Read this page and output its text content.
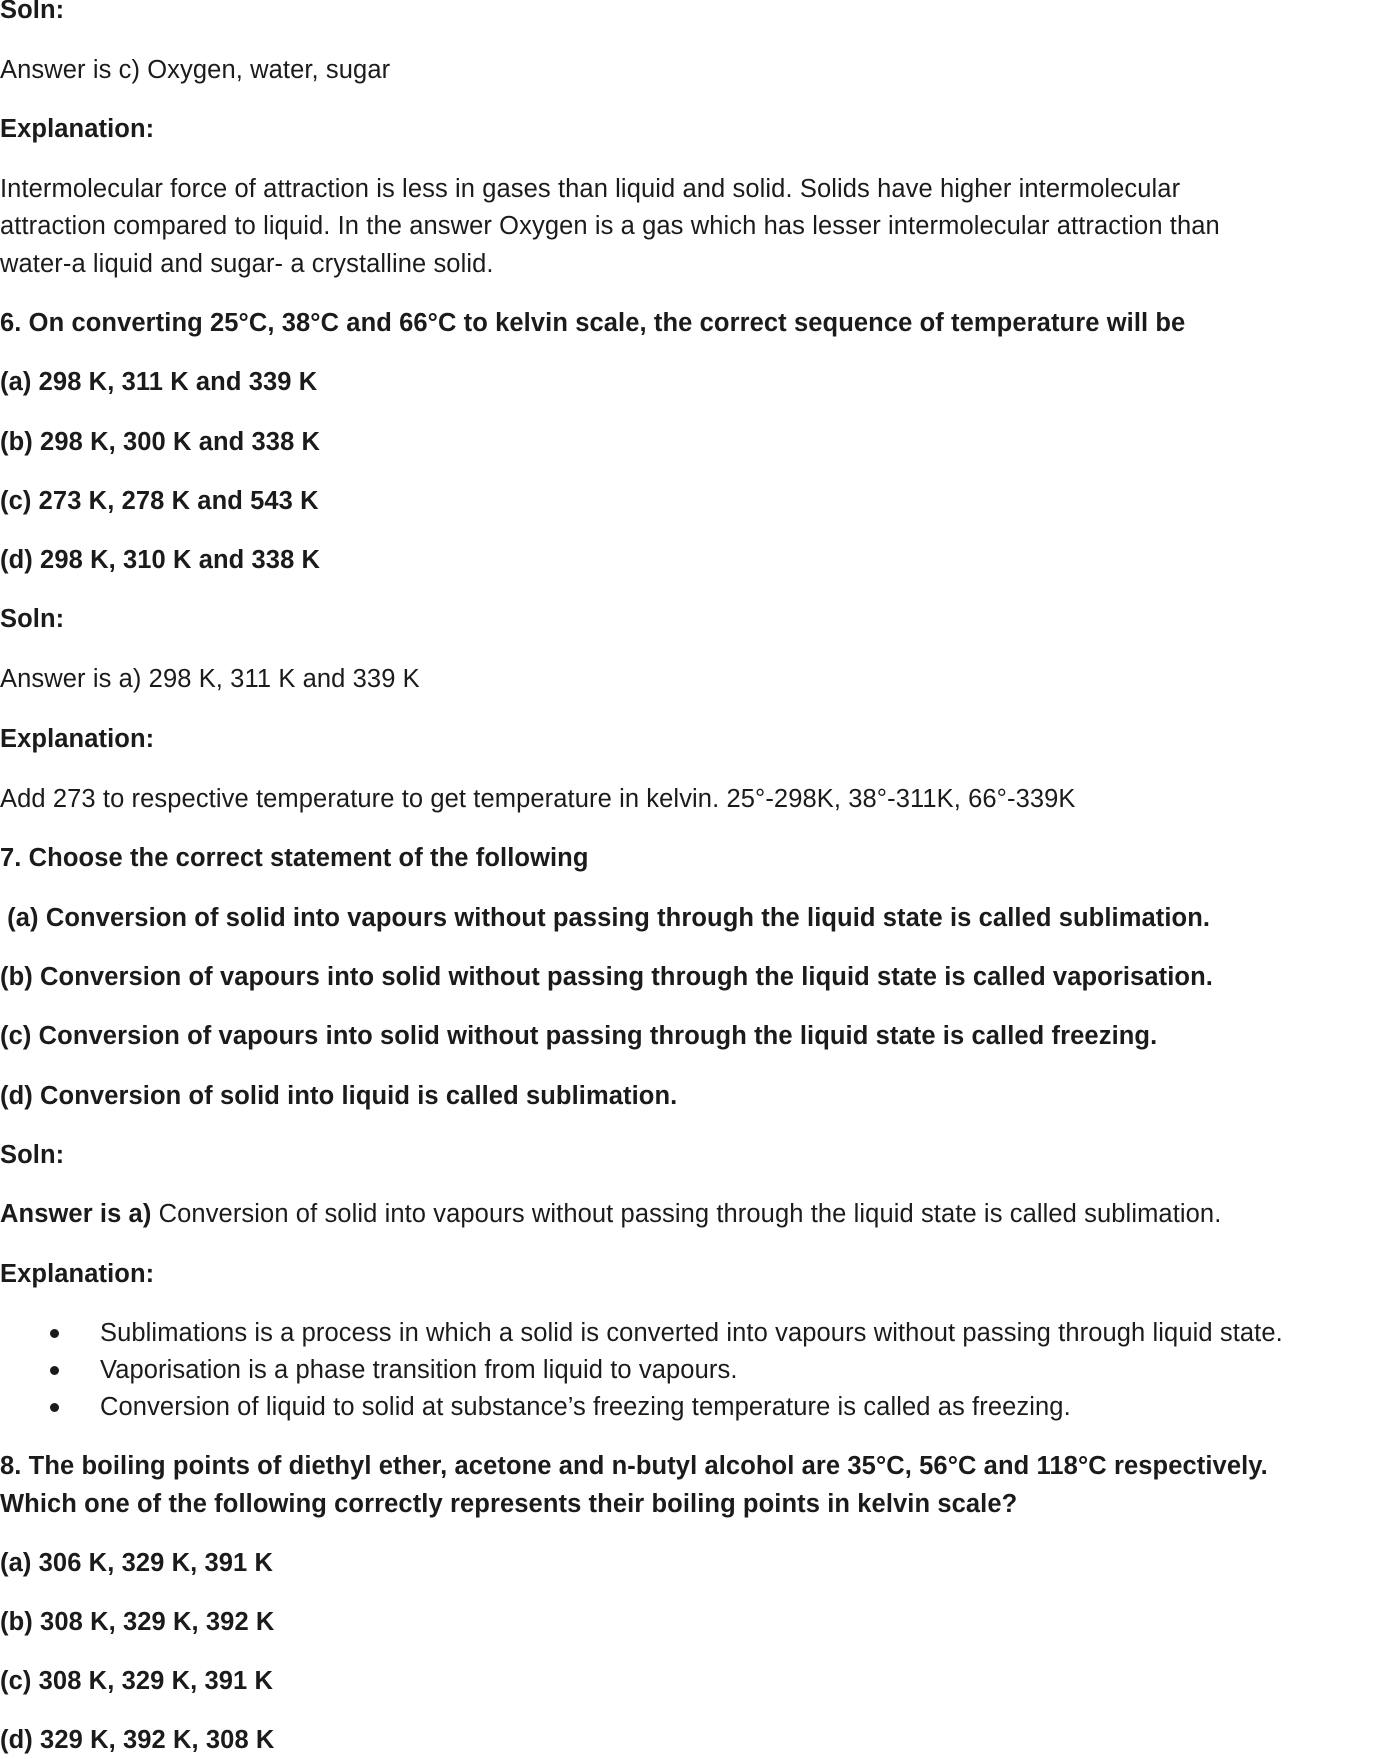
Soln:
Answer is c) Oxygen, water, sugar
Explanation:
Intermolecular force of attraction is less in gases than liquid and solid. Solids have higher intermolecular
attraction compared to liquid. In the answer Oxygen is a gas which has lesser intermolecular attraction than
water-a liquid and sugar- a crystalline solid.
6. On converting 25°C, 38°C and 66°C to kelvin scale, the correct sequence of temperature will be
(a) 298 K, 311 K and 339 K
(b) 298 K, 300 K and 338 K
(c) 273 K, 278 K and 543 K
(d) 298 K, 310 K and 338 K
Soln:
Answer is a) 298 K, 311 K and 339 K
Explanation:
Add 273 to respective temperature to get temperature in kelvin. 25°-298K, 38°-311K, 66°-339K
7. Choose the correct statement of the following
(a) Conversion of solid into vapours without passing through the liquid state is called sublimation.
(b) Conversion of vapours into solid without passing through the liquid state is called vaporisation.
(c) Conversion of vapours into solid without passing through the liquid state is called freezing.
(d) Conversion of solid into liquid is called sublimation.
Soln:
Answer is a) Conversion of solid into vapours without passing through the liquid state is called sublimation.
Explanation:
Sublimations is a process in which a solid is converted into vapours without passing through liquid state.
Vaporisation is a phase transition from liquid to vapours.
Conversion of liquid to solid at substance’s freezing temperature is called as freezing.
8. The boiling points of diethyl ether, acetone and n-butyl alcohol are 35°C, 56°C and 118°C respectively.
Which one of the following correctly represents their boiling points in kelvin scale?
(a) 306 K, 329 K, 391 K
(b) 308 K, 329 K, 392 K
(c) 308 K, 329 K, 391 K
(d) 329 K, 392 K, 308 K
